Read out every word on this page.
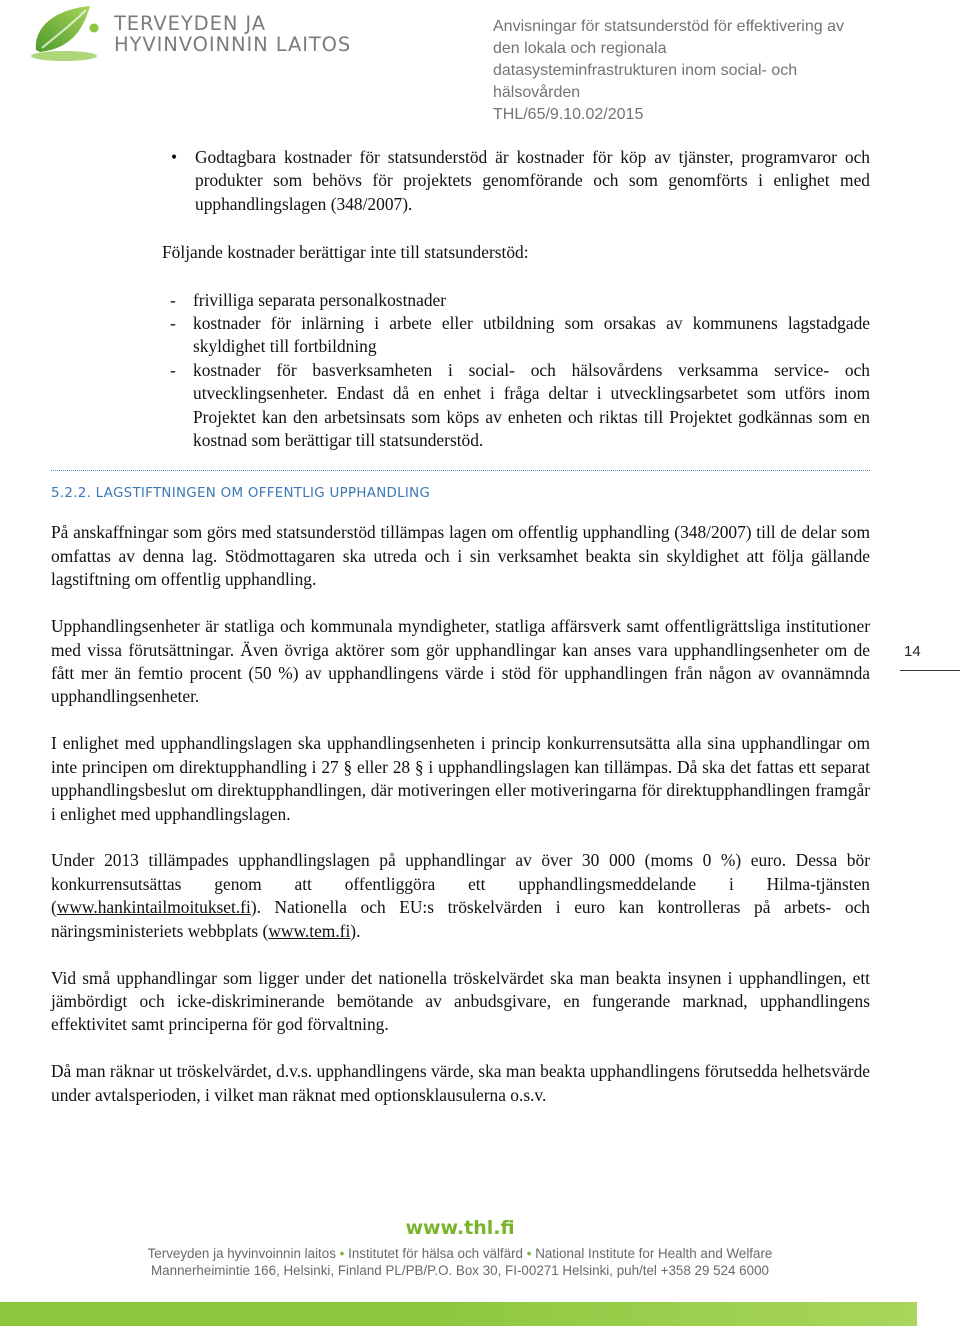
TERVEYDEN JA
HYVINVOINNIN LAITOS
Anvisningar för statsunderstöd för effektivering av
den lokala och regionala
datasysteminfrastrukturen inom social- och
hälsovården
THL/65/9.10.02/2015

• Godtagbara kostnader för statsunderstöd är kostnader för köp av tjänster, programvaror och produkter som behövs för projektets genomförande och som genomförts i enlighet med upphandlingslagen (348/2007).

Följande kostnader berättigar inte till statsunderstöd:

- frivilliga separata personalkostnader

- kostnader för inlärning i arbete eller utbildning som orsakas av kommunens lagstadgade skyldighet till fortbildning

- kostnader för basverksamheten i social- och hälsovårdens verksamma service- och utvecklingsenheter. Endast då en enhet i fråga deltar i utvecklingsarbetet som utförs inom Projektet kan den arbetsinsats som köps av enheten och riktas till Projektet godkännas som en kostnad som berättigar till statsunderstöd.

5.2.2. LAGSTIFTNINGEN OM OFFENTLIG UPPHANDLING

På anskaffningar som görs med statsunderstöd tillämpas lagen om offentlig upphandling (348/2007) till de delar som omfattas av denna lag. Stödmottagaren ska utreda och i sin verksamhet beakta sin skyldighet att följa gällande lagstiftning om offentlig upphandling.

Upphandlingsenheter är statliga och kommunala myndigheter, statliga affärsverk samt offentligrättsliga institutioner med vissa förutsättningar. Även övriga aktörer som gör upphandlingar kan anses vara upphandlingsenheter om de fått mer än femtio procent (50 %) av upphandlingens värde i stöd för upphandlingen från någon av ovannämnda upphandlingsenheter.

I enlighet med upphandlingslagen ska upphandlingsenheten i princip konkurrensutsätta alla sina upphandlingar om inte principen om direktupphandling i 27 § eller 28 § i upphandlingslagen kan tillämpas. Då ska det fattas ett separat upphandlingsbeslut om direktupphandlingen, där motiveringen eller motiveringarna för direktupphandlingen framgår i enlighet med upphandlingslagen.

Under 2013 tillämpades upphandlingslagen på upphandlingar av över 30 000 (moms 0 %) euro. Dessa bör konkurrensutsättas genom att offentliggöra ett upphandlingsmeddelande i Hilma-tjänsten (www.hankintailmoitukset.fi). Nationella och EU:s tröskelvärden i euro kan kontrolleras på arbets- och näringsministeriets webbplats (www.tem.fi).

Vid små upphandlingar som ligger under det nationella tröskelvärdet ska man beakta insynen i upphandlingen, ett jämbördigt och icke-diskriminerande bemötande av anbudsgivare, en fungerande marknad, upphandlingens effektivitet samt principerna för god förvaltning.

Då man räknar ut tröskelvärdet, d.v.s. upphandlingens värde, ska man beakta upphandlingens förutsedda helhetsvärde under avtalsperioden, i vilket man räknat med optionsklausulerna o.s.v.

14
www.thl.fi
Terveyden ja hyvinvoinnin laitos • Institutet för hälsa och välfärd • National Institute for Health and Welfare
Mannerheimintie 166, Helsinki, Finland PL/PB/P.O. Box 30, FI-00271 Helsinki, puh/tel +358 29 524 6000
